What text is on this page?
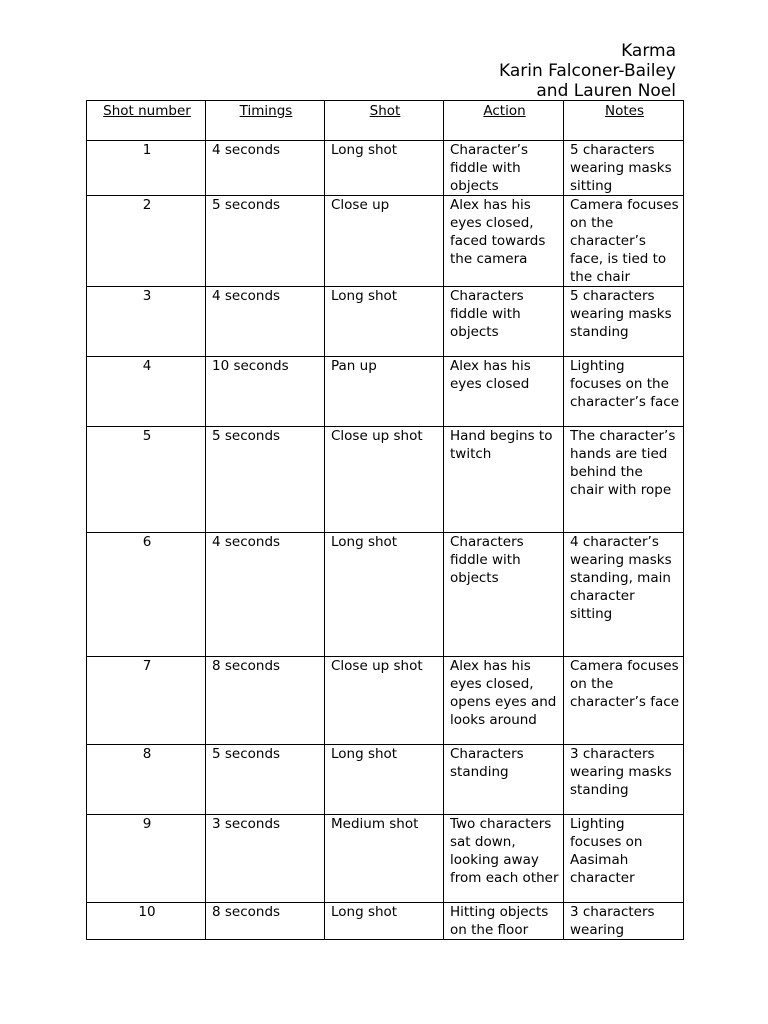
Karma
Karin Falconer-Bailey
and Lauren Noel
Shot number	Timings	Shot	Action	Notes
1	4 seconds	Long shot	Character’s fiddle with objects	5 characters wearing masks sitting
2	5 seconds	Close up	Alex has his eyes closed, faced towards the camera	Camera focuses on the character’s face, is tied to the chair
3	4 seconds	Long shot	Characters fiddle with objects	5 characters wearing masks standing
4	10 seconds	Pan up	Alex has his eyes closed	Lighting focuses on the character’s face
5	5 seconds	Close up shot	Hand begins to twitch	The character’s hands are tied behind the chair with rope
6	4 seconds	Long shot	Characters fiddle with objects	4 character’s wearing masks standing, main character sitting
7	8 seconds	Close up shot	Alex has his eyes closed, opens eyes and looks around	Camera focuses on the character’s face
8	5 seconds	Long shot	Characters standing	3 characters wearing masks standing
9	3 seconds	Medium shot	Two characters sat down, looking away from each other	Lighting focuses on Aasimah character
10	8 seconds	Long shot	Hitting objects on the floor	3 characters wearing
